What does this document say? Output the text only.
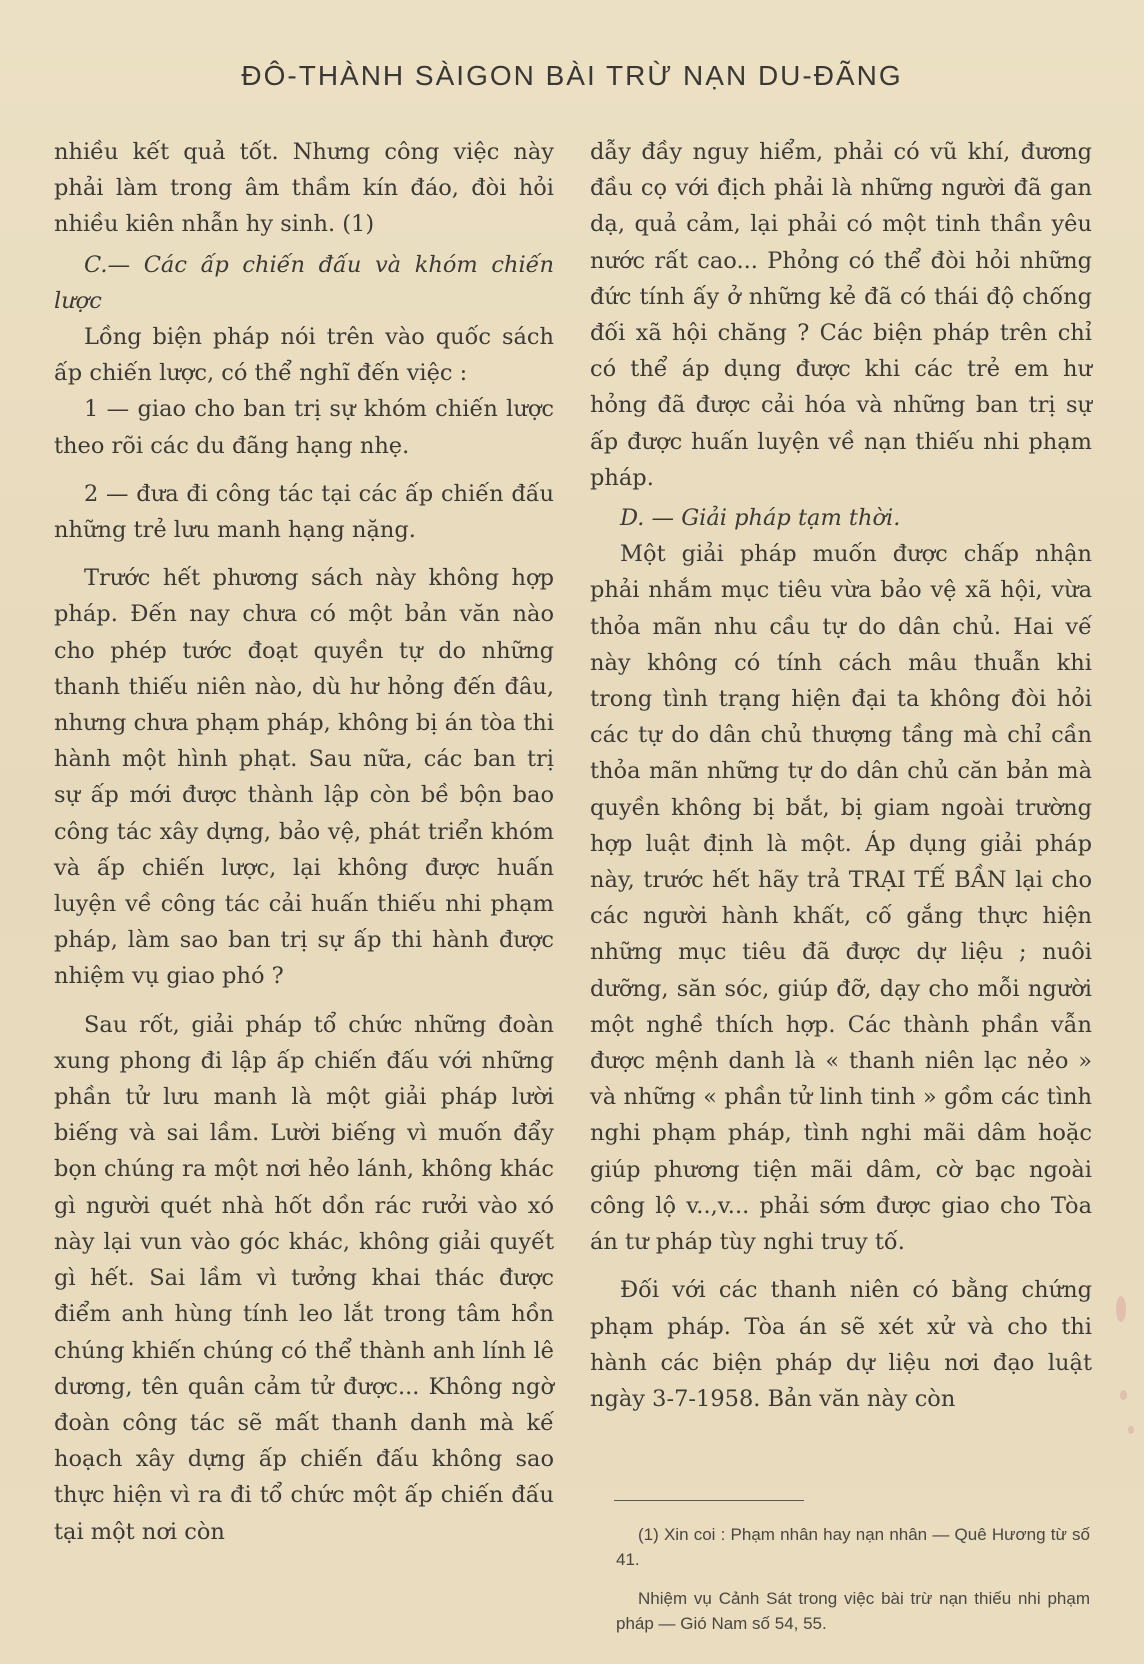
ĐÔ-THÀNH SÀIGON BÀI TRỪ NẠN DU-ĐÃNG

nhiều kết quả tốt. Nhưng công việc này phải làm trong âm thầm kín đáo, đòi hỏi nhiều kiên nhẫn hy sinh. (1)

C.— Các ấp chiến đấu và khóm chiến lược

Lồng biện pháp nói trên vào quốc sách ấp chiến lược, có thể nghĩ đến việc :

1 — giao cho ban trị sự khóm chiến lược theo rõi các du đãng hạng nhẹ.

2 — đưa đi công tác tại các ấp chiến đấu những trẻ lưu manh hạng nặng.

Trước hết phương sách này không hợp pháp. Đến nay chưa có một bản văn nào cho phép tước đoạt quyền tự do những thanh thiếu niên nào, dù hư hỏng đến đâu, nhưng chưa phạm pháp, không bị án tòa thi hành một hình phạt. Sau nữa, các ban trị sự ấp mới được thành lập còn bề bộn bao công tác xây dựng, bảo vệ, phát triển khóm và ấp chiến lược, lại không được huấn luyện về công tác cải huấn thiếu nhi phạm pháp, làm sao ban trị sự ấp thi hành được nhiệm vụ giao phó ?

Sau rốt, giải pháp tổ chức những đoàn xung phong đi lập ấp chiến đấu với những phần tử lưu manh là một giải pháp lười biếng và sai lầm. Lười biếng vì muốn đẩy bọn chúng ra một nơi hẻo lánh, không khác gì người quét nhà hốt dồn rác rưởi vào xó này lại vun vào góc khác, không giải quyết gì hết. Sai lầm vì tưởng khai thác được điểm anh hùng tính leo lắt trong tâm hồn chúng khiến chúng có thể thành anh lính lê dương, tên quân cảm tử được... Không ngờ đoàn công tác sẽ mất thanh danh mà kế hoạch xây dựng ấp chiến đấu không sao thực hiện vì ra đi tổ chức một ấp chiến đấu tại một nơi còn

dẫy đầy nguy hiểm, phải có vũ khí, đương đầu cọ với địch phải là những người đã gan dạ, quả cảm, lại phải có một tinh thần yêu nước rất cao... Phỏng có thể đòi hỏi những đức tính ấy ở những kẻ đã có thái độ chống đối xã hội chăng ? Các biện pháp trên chỉ có thể áp dụng được khi các trẻ em hư hỏng đã được cải hóa và những ban trị sự ấp được huấn luyện về nạn thiếu nhi phạm pháp.

D. — Giải pháp tạm thời.

Một giải pháp muốn được chấp nhận phải nhắm mục tiêu vừa bảo vệ xã hội, vừa thỏa mãn nhu cầu tự do dân chủ. Hai vế này không có tính cách mâu thuẫn khi trong tình trạng hiện đại ta không đòi hỏi các tự do dân chủ thượng tầng mà chỉ cần thỏa mãn những tự do dân chủ căn bản mà quyền không bị bắt, bị giam ngoài trường hợp luật định là một. Áp dụng giải pháp này, trước hết hãy trả TRẠI TẾ BẦN lại cho các người hành khất, cố gắng thực hiện những mục tiêu đã được dự liệu ; nuôi dưỡng, săn sóc, giúp đỡ, dạy cho mỗi người một nghề thích hợp. Các thành phần vẫn được mệnh danh là « thanh niên lạc nẻo » và những « phần tử linh tinh » gồm các tình nghi phạm pháp, tình nghi mãi dâm hoặc giúp phương tiện mãi dâm, cờ bạc ngoài công lộ v..,v... phải sớm được giao cho Tòa án tư pháp tùy nghi truy tố.

Đối với các thanh niên có bằng chứng phạm pháp. Tòa án sẽ xét xử và cho thi hành các biện pháp dự liệu nơi đạo luật ngày 3-7-1958. Bản văn này còn

(1) Xin coi : Phạm nhân hay nạn nhân — Quê Hương từ số 41.

Nhiệm vụ Cảnh Sát trong việc bài trừ nạn thiếu nhi phạm pháp — Gió Nam số 54, 55.
